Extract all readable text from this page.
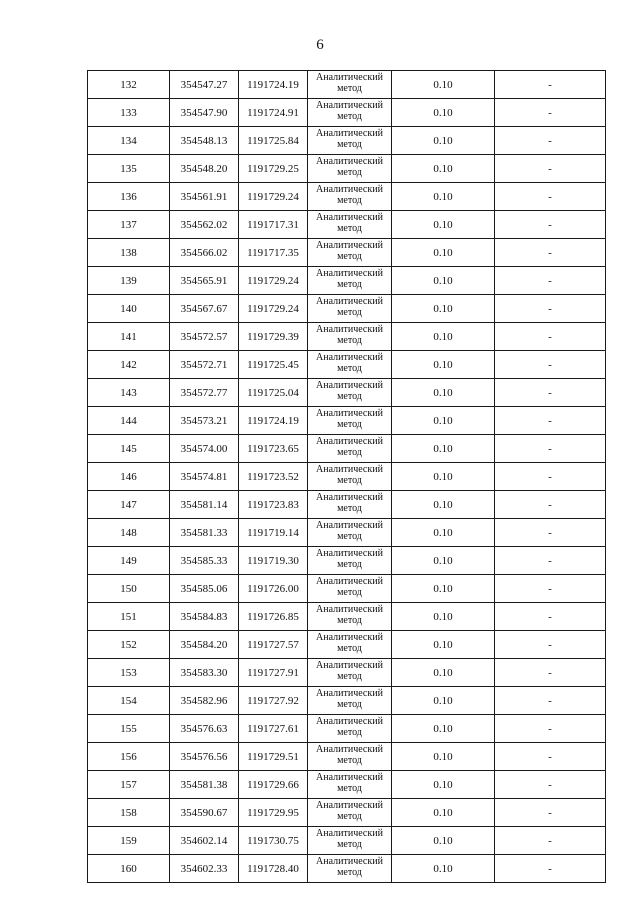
6
132	354547.27	1191724.19	Аналитический метод	0.10	-
133	354547.90	1191724.91	Аналитический метод	0.10	-
134	354548.13	1191725.84	Аналитический метод	0.10	-
135	354548.20	1191729.25	Аналитический метод	0.10	-
136	354561.91	1191729.24	Аналитический метод	0.10	-
137	354562.02	1191717.31	Аналитический метод	0.10	-
138	354566.02	1191717.35	Аналитический метод	0.10	-
139	354565.91	1191729.24	Аналитический метод	0.10	-
140	354567.67	1191729.24	Аналитический метод	0.10	-
141	354572.57	1191729.39	Аналитический метод	0.10	-
142	354572.71	1191725.45	Аналитический метод	0.10	-
143	354572.77	1191725.04	Аналитический метод	0.10	-
144	354573.21	1191724.19	Аналитический метод	0.10	-
145	354574.00	1191723.65	Аналитический метод	0.10	-
146	354574.81	1191723.52	Аналитический метод	0.10	-
147	354581.14	1191723.83	Аналитический метод	0.10	-
148	354581.33	1191719.14	Аналитический метод	0.10	-
149	354585.33	1191719.30	Аналитический метод	0.10	-
150	354585.06	1191726.00	Аналитический метод	0.10	-
151	354584.83	1191726.85	Аналитический метод	0.10	-
152	354584.20	1191727.57	Аналитический метод	0.10	-
153	354583.30	1191727.91	Аналитический метод	0.10	-
154	354582.96	1191727.92	Аналитический метод	0.10	-
155	354576.63	1191727.61	Аналитический метод	0.10	-
156	354576.56	1191729.51	Аналитический метод	0.10	-
157	354581.38	1191729.66	Аналитический метод	0.10	-
158	354590.67	1191729.95	Аналитический метод	0.10	-
159	354602.14	1191730.75	Аналитический метод	0.10	-
160	354602.33	1191728.40	Аналитический метод	0.10	-
